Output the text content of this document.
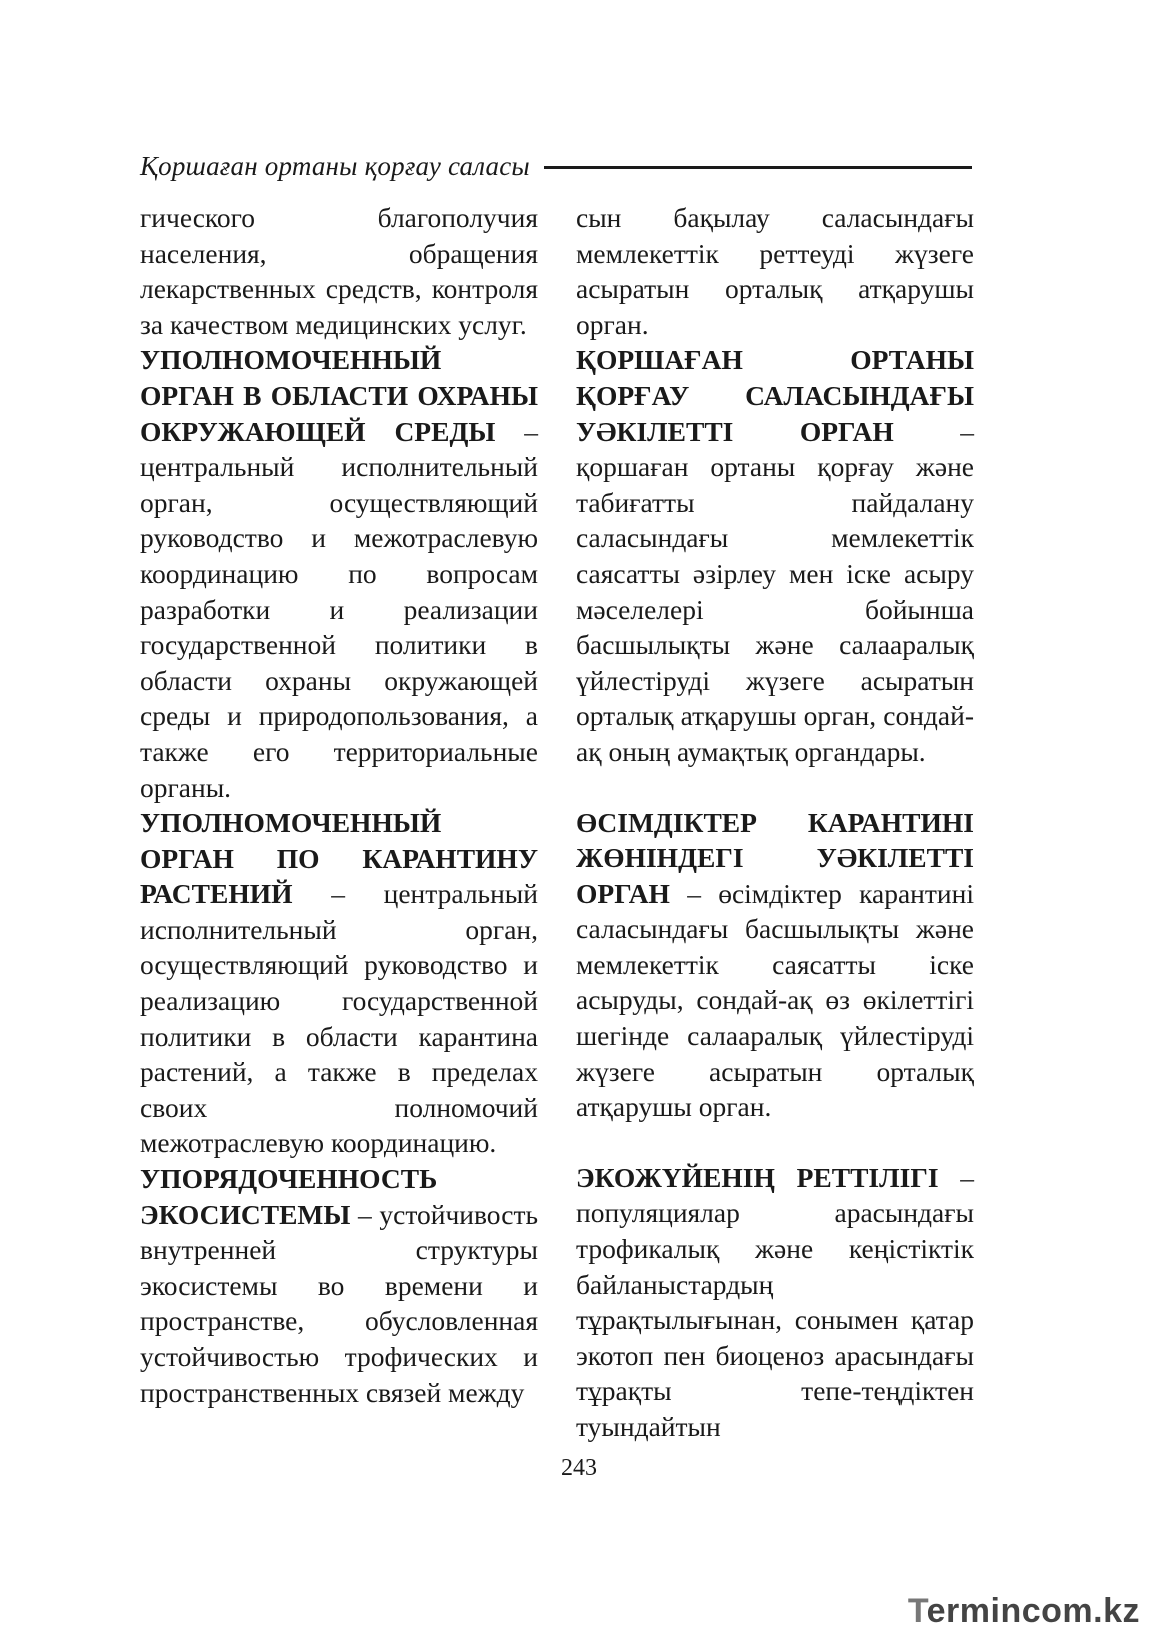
Қоршаған ортаны қорғау саласы

гического благополучия населения, обращения лекарственных средств, контроля за качеством медицинских услуг.

УПОЛНОМОЧЕННЫЙ ОРГАН В ОБЛАСТИ ОХРАНЫ ОКРУЖАЮЩЕЙ СРЕДЫ – центральный исполнительный орган, осуществляющий руководство и межотраслевую координацию по вопросам разработки и реализации государственной политики в области охраны окружающей среды и природопользования, а также его территориальные органы.

УПОЛНОМОЧЕННЫЙ ОРГАН ПО КАРАНТИНУ РАСТЕНИЙ – центральный исполнительный орган, осуществляющий руководство и реализацию государственной политики в области карантина растений, а также в пределах своих полномочий межотраслевую координацию.

УПОРЯДОЧЕННОСТЬ ЭКОСИСТЕМЫ – устойчивость внутренней структуры экосистемы во времени и пространстве, обусловленная устойчивостью трофических и пространственных связей между

сын бақылау саласындағы мемлекеттік реттеуді жүзеге асыратын орталық атқарушы орган.

ҚОРШАҒАН ОРТАНЫ ҚОРҒАУ САЛАСЫНДАҒЫ УӘКІЛЕТТІ ОРГАН – қоршаған ортаны қорғау және табиғатты пайдалану саласындағы мемлекеттік саясатты әзірлеу мен іске асыру мәселелері бойынша басшылықты және салааралық үйлестіруді жүзеге асыратын орталық атқарушы орган, сондай-ақ оның аумақтық органдары.

ӨСІМДІКТЕР КАРАНТИНІ ЖӨНІНДЕГІ УӘКІЛЕТТІ ОРГАН – өсімдіктер карантині саласындағы басшылықты және мемлекеттік саясатты іске асыруды, сондай-ақ өз өкілеттігі шегінде салааралық үйлестіруді жүзеге асыратын орталық атқарушы орган.

ЭКОЖҮЙЕНІҢ РЕТТІЛІГІ – популяциялар арасындағы трофикалық және кеңістіктік байланыстардың тұрақтылығынан, сонымен қатар экотоп пен биоценоз арасындағы тұрақты тепе-теңдіктен туындайтын

243
Termincom.kz
